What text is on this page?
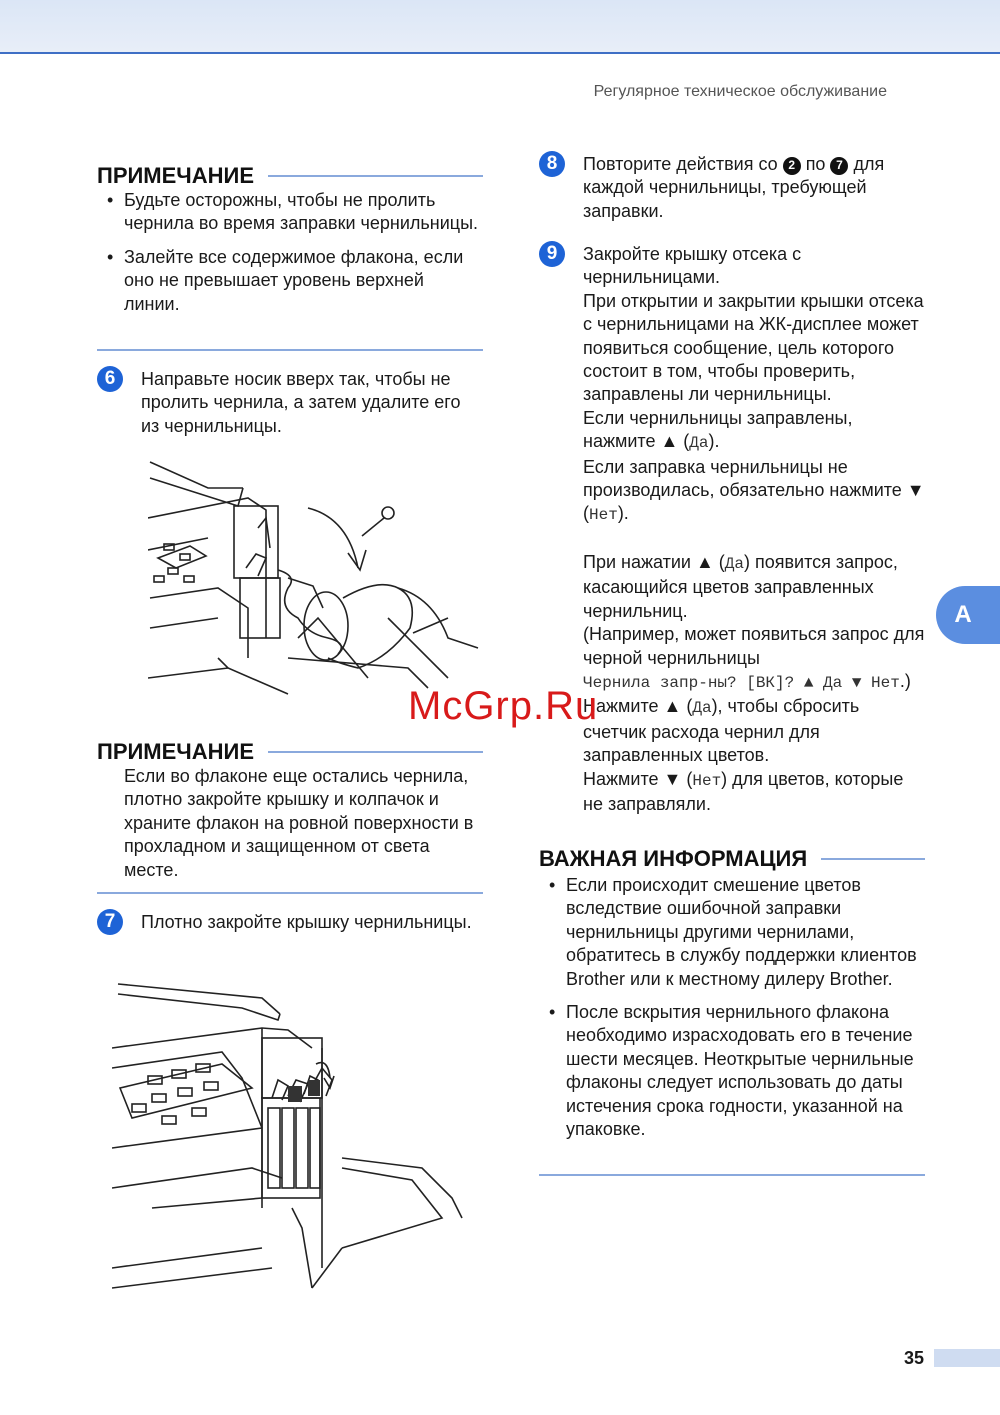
Регулярное техническое обслуживание
ПРИМЕЧАНИЕ
• Будьте осторожны, чтобы не пролить чернила во время заправки чернильницы.
• Залейте все содержимое флакона, если оно не превышает уровень верхней линии.
6	Направьте носик вверх так, чтобы не пролить чернила, а затем удалите его из чернильницы.
ПРИМЕЧАНИЕ
Если во флаконе еще остались чернила, плотно закройте крышку и колпачок и храните флакон на ровной поверхности в прохладном и защищенном от света месте.
7	Плотно закройте крышку чернильницы.
8	Повторите действия со 2 по 7 для каждой чернильницы, требующей заправки.
9	Закройте крышку отсека с чернильницами.
При открытии и закрытии крышки отсека с чернильницами на ЖК-дисплее может появиться сообщение, цель которого состоит в том, чтобы проверить, заправлены ли чернильницы.
Если чернильницы заправлены, нажмите ▲ (Да).
Если заправка чернильницы не производилась, обязательно нажмите ▼ (Нет).
При нажатии ▲ (Да) появится запрос, касающийся цветов заправленных чернильниц.
(Например, может появиться запрос для черной чернильницы
Чернила запр-ны? [ВК]? ▲ Да ▼ Нет.)
Нажмите ▲ (Да), чтобы сбросить счетчик расхода чернил для заправленных цветов.
Нажмите ▼ (Нет) для цветов, которые не заправляли.
ВАЖНАЯ ИНФОРМАЦИЯ
• Если происходит смешение цветов вследствие ошибочной заправки чернильницы другими чернилами, обратитесь в службу поддержки клиентов Brother или к местному дилеру Brother.
• После вскрытия чернильного флакона необходимо израсходовать его в течение шести месяцев. Неоткрытые чернильные флаконы следует использовать до даты истечения срока годности, указанной на упаковке.
A
McGrp.Ru
35
